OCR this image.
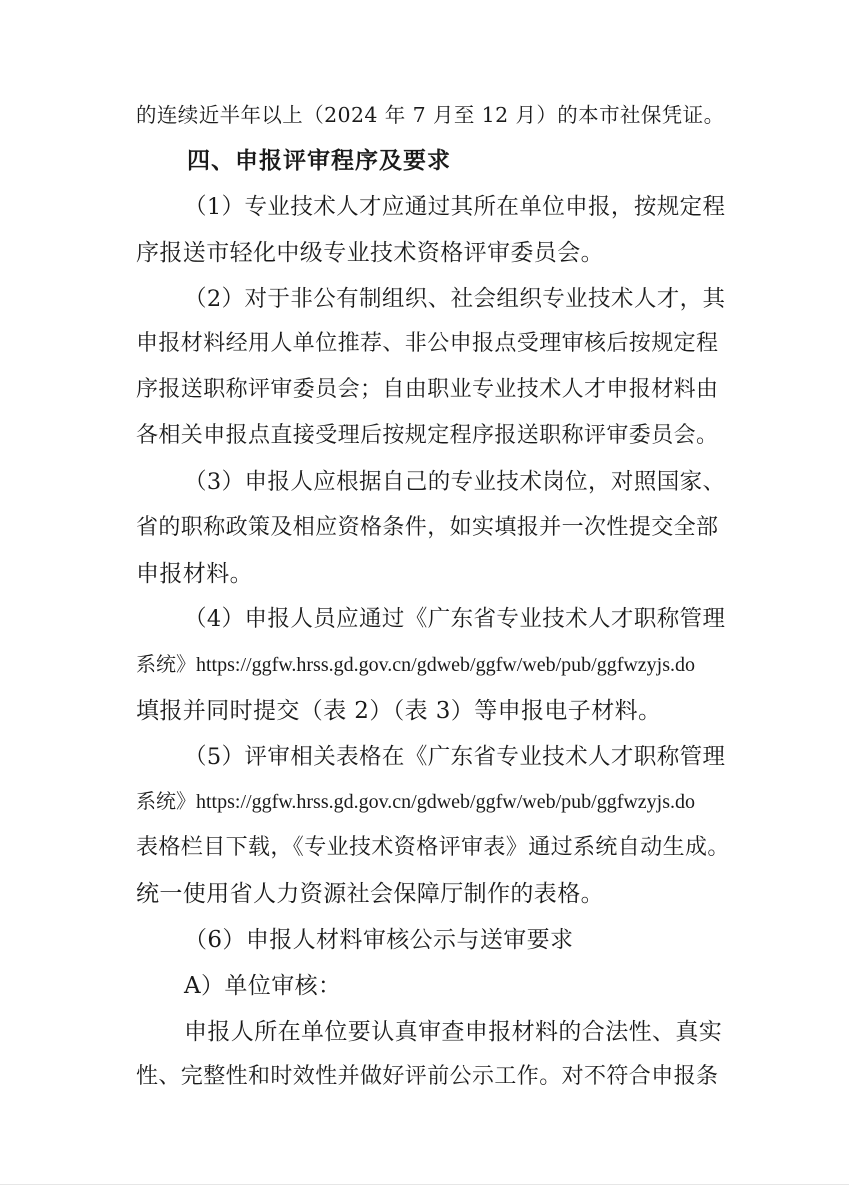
的连续近半年以上（2024 年 7 月至 12 月）的本市社保凭证。
四、申报评审程序及要求
（1）专业技术人才应通过其所在单位申报，按规定程
序报送市轻化中级专业技术资格评审委员会。
（2）对于非公有制组织、社会组织专业技术人才，其
申报材料经用人单位推荐、非公申报点受理审核后按规定程
序报送职称评审委员会；自由职业专业技术人才申报材料由
各相关申报点直接受理后按规定程序报送职称评审委员会。
（3）申报人应根据自己的专业技术岗位，对照国家、
省的职称政策及相应资格条件，如实填报并一次性提交全部
申报材料。
（4）申报人员应通过《广东省专业技术人才职称管理
系统》https://ggfw.hrss.gd.gov.cn/gdweb/ggfw/web/pub/ggfwzyjs.do
填报并同时提交（表 2）（表 3）等申报电子材料。
（5）评审相关表格在《广东省专业技术人才职称管理
系统》https://ggfw.hrss.gd.gov.cn/gdweb/ggfw/web/pub/ggfwzyjs.do
表格栏目下载，《专业技术资格评审表》通过系统自动生成。
统一使用省人力资源社会保障厅制作的表格。
（6）申报人材料审核公示与送审要求
A）单位审核：
申报人所在单位要认真审查申报材料的合法性、真实
性、完整性和时效性并做好评前公示工作。对不符合申报条
